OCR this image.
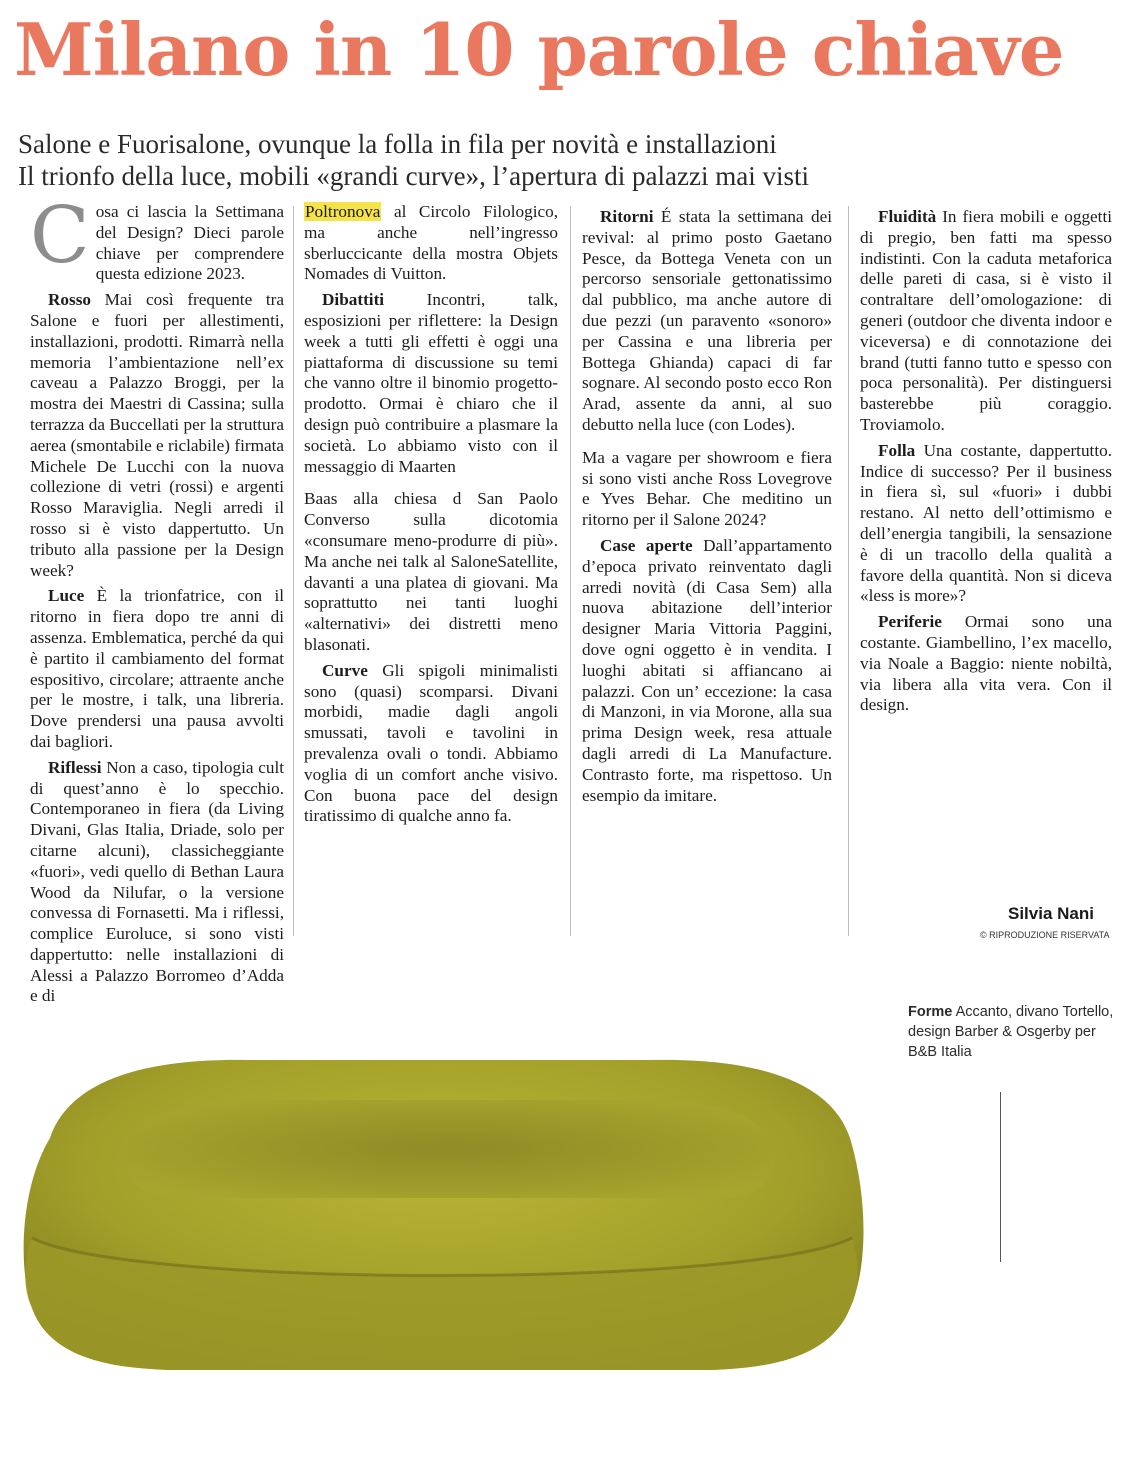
Milano in 10 parole chiave

Salone e Fuorisalone, ovunque la folla in fila per novità e installazioni

Il trionfo della luce, mobili «grandi curve», l’apertura di palazzi mai visti

Cosa ci lascia la Settimana del Design? Dieci parole chiave per comprendere questa edizione 2023.

Rosso Mai così frequente tra Salone e fuori per allestimenti, installazioni, prodotti. Rimarrà nella memoria l’ambientazione nell’ex caveau a Palazzo Broggi, per la mostra dei Maestri di Cassina; sulla terrazza da Buccellati per la struttura aerea (smontabile e riclabile) firmata Michele De Lucchi con la nuova collezione di vetri (rossi) e argenti Rosso Maraviglia. Negli arredi il rosso si è visto dappertutto. Un tributo alla passione per la Design week?

Luce È la trionfatrice, con il ritorno in fiera dopo tre anni di assenza. Emblematica, perché da qui è partito il cambiamento del format espositivo, circolare; attraente anche per le mostre, i talk, una libreria. Dove prendersi una pausa avvolti dai bagliori.

Riflessi Non a caso, tipologia cult di quest’anno è lo specchio. Contemporaneo in fiera (da Living Divani, Glas Italia, Driade, solo per citarne alcuni), classicheggiante «fuori», vedi quello di Bethan Laura Wood da Nilufar, o la versione convessa di Fornasetti. Ma i riflessi, complice Euroluce, si sono visti dappertutto: nelle installazioni di Alessi a Palazzo Borromeo d’Adda e di

Poltronova al Circolo Filologico, ma anche nell’ingresso sberluccicante della mostra Objets Nomades di Vuitton.

Dibattiti Incontri, talk, esposizioni per riflettere: la Design week a tutti gli effetti è oggi una piattaforma di discussione su temi che vanno oltre il binomio progetto-prodotto. Ormai è chiaro che il design può contribuire a plasmare la società. Lo abbiamo visto con il messaggio di Maarten

Baas alla chiesa d San Paolo Converso sulla dicotomia «consumare meno-produrre di più». Ma anche nei talk al SaloneSatellite, davanti a una platea di giovani. Ma soprattutto nei tanti luoghi «alternativi» dei distretti meno blasonati.

Curve Gli spigoli minimalisti sono (quasi) scomparsi. Divani morbidi, madie dagli angoli smussati, tavoli e tavolini in prevalenza ovali o tondi. Abbiamo voglia di un comfort anche visivo. Con buona pace del design tiratissimo di qualche anno fa.

Ritorni É stata la settimana dei revival: al primo posto Gaetano Pesce, da Bottega Veneta con un percorso sensoriale gettonatissimo dal pubblico, ma anche autore di due pezzi (un paravento «sonoro» per Cassina e una libreria per Bottega Ghianda) capaci di far sognare. Al secondo posto ecco Ron Arad, assente da anni, al suo debutto nella luce (con Lodes).

Ma a vagare per showroom e fiera si sono visti anche Ross Lovegrove e Yves Behar. Che meditino un ritorno per il Salone 2024?

Case aperte Dall’appartamento d’epoca privato reinventato dagli arredi novità (di Casa Sem) alla nuova abitazione dell’interior designer Maria Vittoria Paggini, dove ogni oggetto è in vendita. I luoghi abitati si affiancano ai palazzi. Con un’ eccezione: la casa di Manzoni, in via Morone, alla sua prima Design week, resa attuale dagli arredi di La Manufacture. Contrasto forte, ma rispettoso. Un esempio da imitare.

Fluidità In fiera mobili e oggetti di pregio, ben fatti ma spesso indistinti. Con la caduta metaforica delle pareti di casa, si è visto il contraltare dell’omologazione: di generi (outdoor che diventa indoor e viceversa) e di connotazione dei brand (tutti fanno tutto e spesso con poca personalità). Per distinguersi basterebbe più coraggio. Troviamolo.

Folla Una costante, dappertutto. Indice di successo? Per il business in fiera sì, sul «fuori» i dubbi restano. Al netto dell’ottimismo e dell’energia tangibili, la sensazione è di un tracollo della qualità a favore della quantità. Non si diceva «less is more»?

Periferie Ormai sono una costante. Giambellino, l’ex macello, via Noale a Baggio: niente nobiltà, via libera alla vita vera. Con il design.

Silvia Nani
© RIPRODUZIONE RISERVATA
Forme Accanto, divano Tortello, design Barber & Osgerby per B&B Italia
